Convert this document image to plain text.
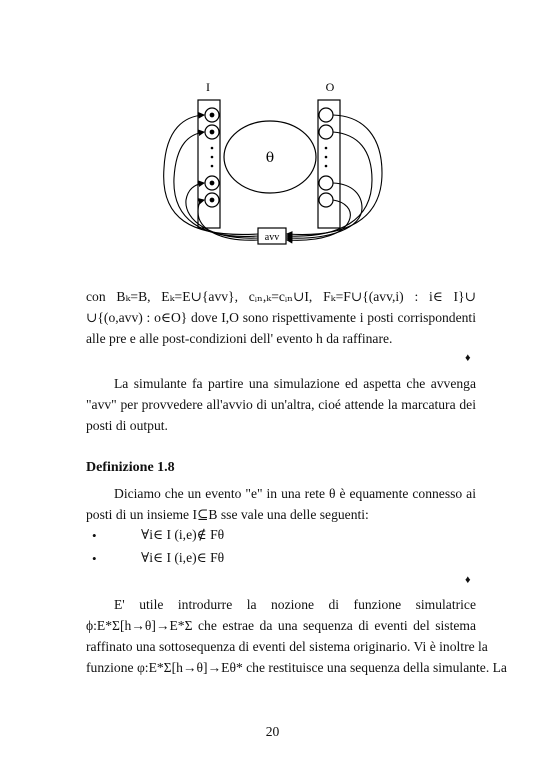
I	O
θ
avv
con Bₖ=B, Eₖ=E∪{avv}, cᵢₙ,ₖ=cᵢₙ∪I, Fₖ=F∪{(avv,i) : i∈ I}∪
∪{(o,avv) : o∈O} dove I,O sono rispettivamente i posti corrispondenti
alle pre e alle post-condizioni dell' evento h da raffinare.
♦
La simulante fa partire una simulazione ed aspetta che avvenga
"avv" per provvedere all'avvio di un'altra, cioé attende la marcatura dei
posti di output.
Definizione 1.8
Diciamo che un evento "e" in una rete θ è equamente connesso ai
posti di un insieme I⊆B sse vale una delle seguenti:
•	∀i∈ I (i,e)∉ Fθ
•	∀i∈ I (i,e)∈ Fθ
♦
E' utile introdurre la nozione di funzione simulatrice
ϕ:E*Σ[h→θ]→E*Σ che estrae da una sequenza di eventi del sistema
raffinato una sottosequenza di eventi del sistema originario. Vi è inoltre la
funzione φ:E*Σ[h→θ]→Eθ* che restituisce una sequenza della simulante. La
20
